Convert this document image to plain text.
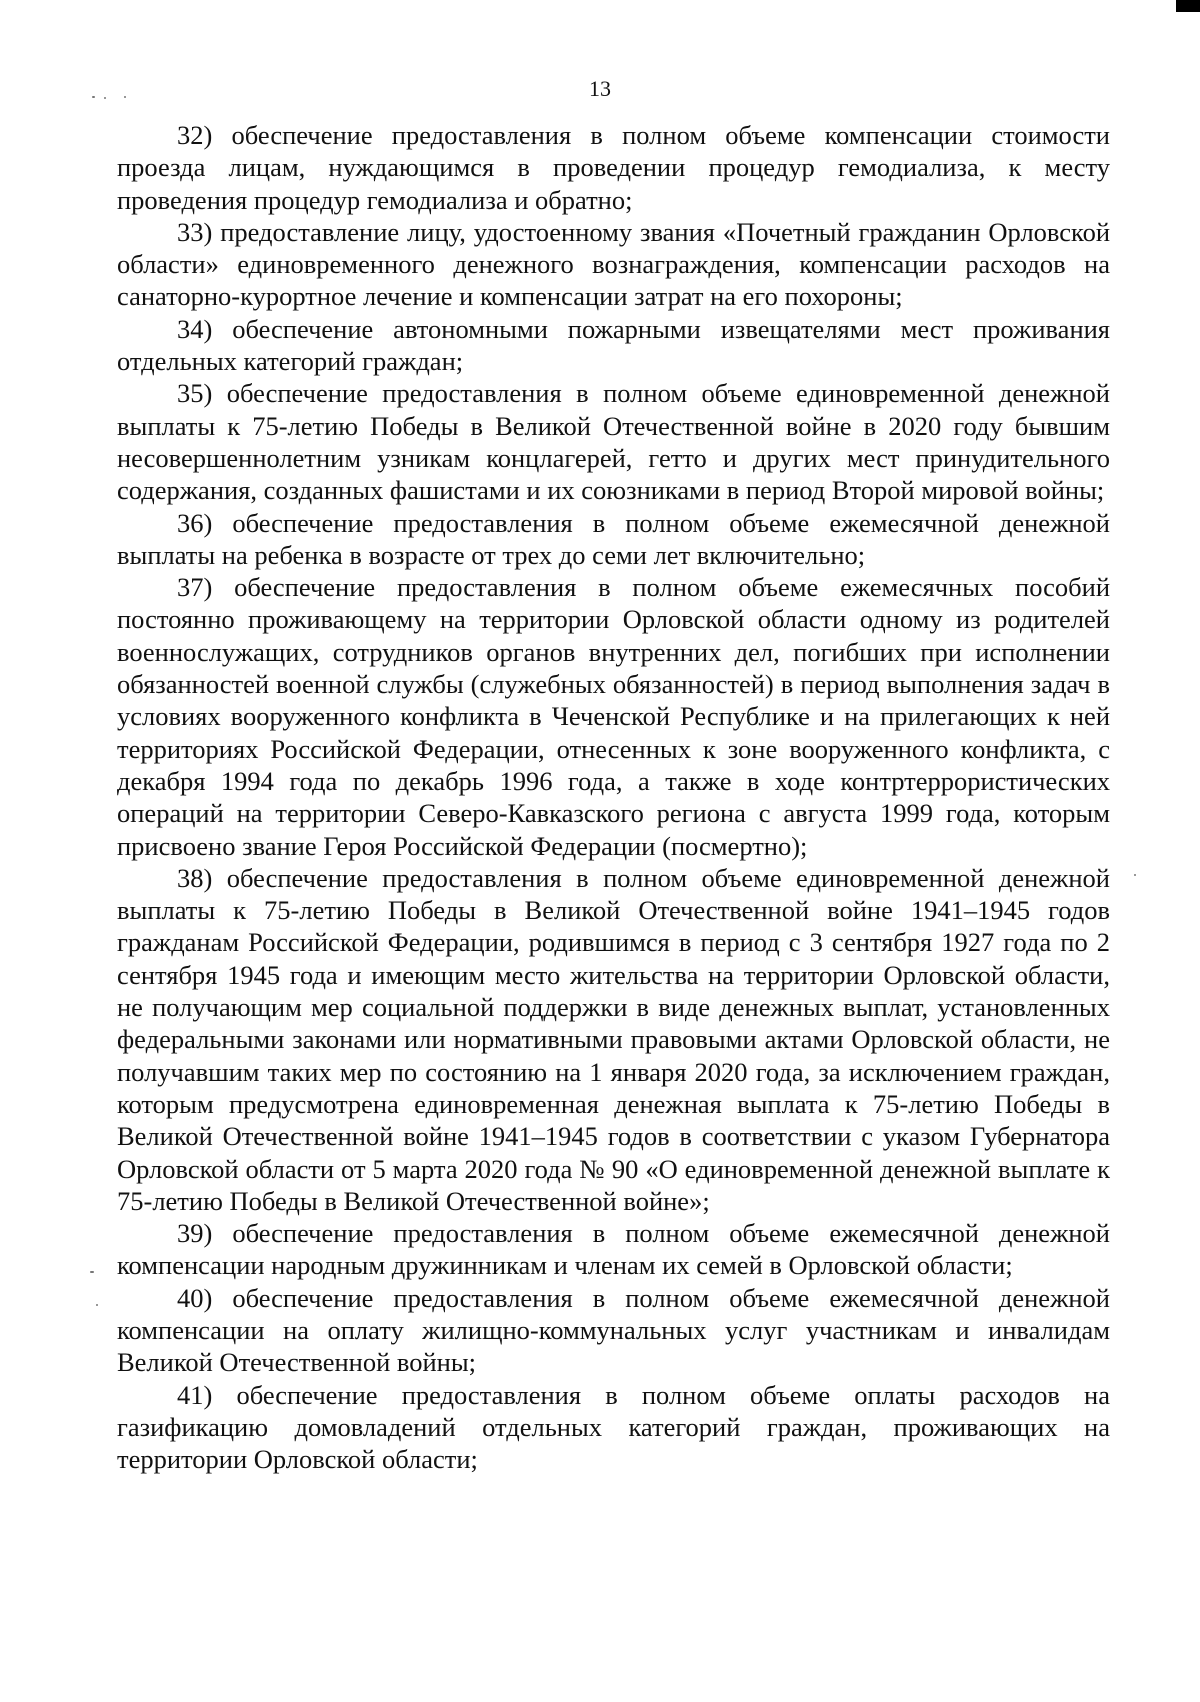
13

32) обеспечение предоставления в полном объеме компенсации стоимости проезда лицам, нуждающимся в проведении процедур гемодиализа, к месту проведения процедур гемодиализа и обратно;

33) предоставление лицу, удостоенному звания «Почетный гражданин Орловской области» единовременного денежного вознаграждения, компенсации расходов на санаторно-курортное лечение и компенсации затрат на его похороны;

34) обеспечение автономными пожарными извещателями мест проживания отдельных категорий граждан;

35) обеспечение предоставления в полном объеме единовременной денежной выплаты к 75-летию Победы в Великой Отечественной войне в 2020 году бывшим несовершеннолетним узникам концлагерей, гетто и других мест принудительного содержания, созданных фашистами и их союзниками в период Второй мировой войны;

36) обеспечение предоставления в полном объеме ежемесячной денежной выплаты на ребенка в возрасте от трех до семи лет включительно;

37) обеспечение предоставления в полном объеме ежемесячных пособий постоянно проживающему на территории Орловской области одному из родителей военнослужащих, сотрудников органов внутренних дел, погибших при исполнении обязанностей военной службы (служебных обязанностей) в период выполнения задач в условиях вооруженного конфликта в Чеченской Республике и на прилегающих к ней территориях Российской Федерации, отнесенных к зоне вооруженного конфликта, с декабря 1994 года по декабрь 1996 года, а также в ходе контртеррористических операций на территории Северо-Кавказского региона с августа 1999 года, которым присвоено звание Героя Российской Федерации (посмертно);

38) обеспечение предоставления в полном объеме единовременной денежной выплаты к 75-летию Победы в Великой Отечественной войне 1941–1945 годов гражданам Российской Федерации, родившимся в период с 3 сентября 1927 года по 2 сентября 1945 года и имеющим место жительства на территории Орловской области, не получающим мер социальной поддержки в виде денежных выплат, установленных федеральными законами или нормативными правовыми актами Орловской области, не получавшим таких мер по состоянию на 1 января 2020 года, за исключением граждан, которым предусмотрена единовременная денежная выплата к 75-летию Победы в Великой Отечественной войне 1941–1945 годов в соответствии с указом Губернатора Орловской области от 5 марта 2020 года № 90 «О единовременной денежной выплате к 75-летию Победы в Великой Отечественной войне»;

39) обеспечение предоставления в полном объеме ежемесячной денежной компенсации народным дружинникам и членам их семей в Орловской области;

40) обеспечение предоставления в полном объеме ежемесячной денежной компенсации на оплату жилищно-коммунальных услуг участникам и инвалидам Великой Отечественной войны;

41) обеспечение предоставления в полном объеме оплаты расходов на газификацию домовладений отдельных категорий граждан, проживающих на территории Орловской области;
